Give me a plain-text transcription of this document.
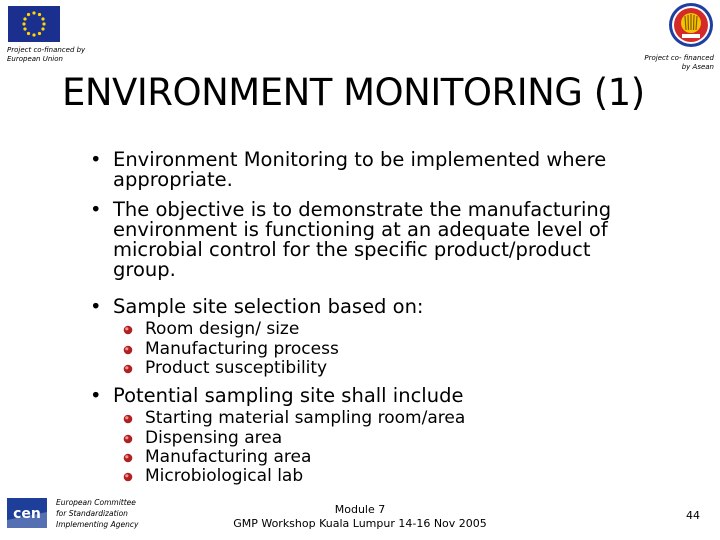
Project co-financed by
European Union	Project co- financed
by Asean
ENVIRONMENT MONITORING (1)
• Environment Monitoring to be implemented where
appropriate.
• The objective is to demonstrate the manufacturing
environment is functioning at an adequate level of
microbial control for the specific product/product
group.
• Sample site selection based on:
Room design/ size
Manufacturing process
Product susceptibility
• Potential sampling site shall include
Starting material sampling room/area
Dispensing area
Manufacturing area
Microbiological lab
cen
European Committee
for Standardization
Implementing Agency
Module 7
GMP Workshop Kuala Lumpur 14-16 Nov 2005
44
